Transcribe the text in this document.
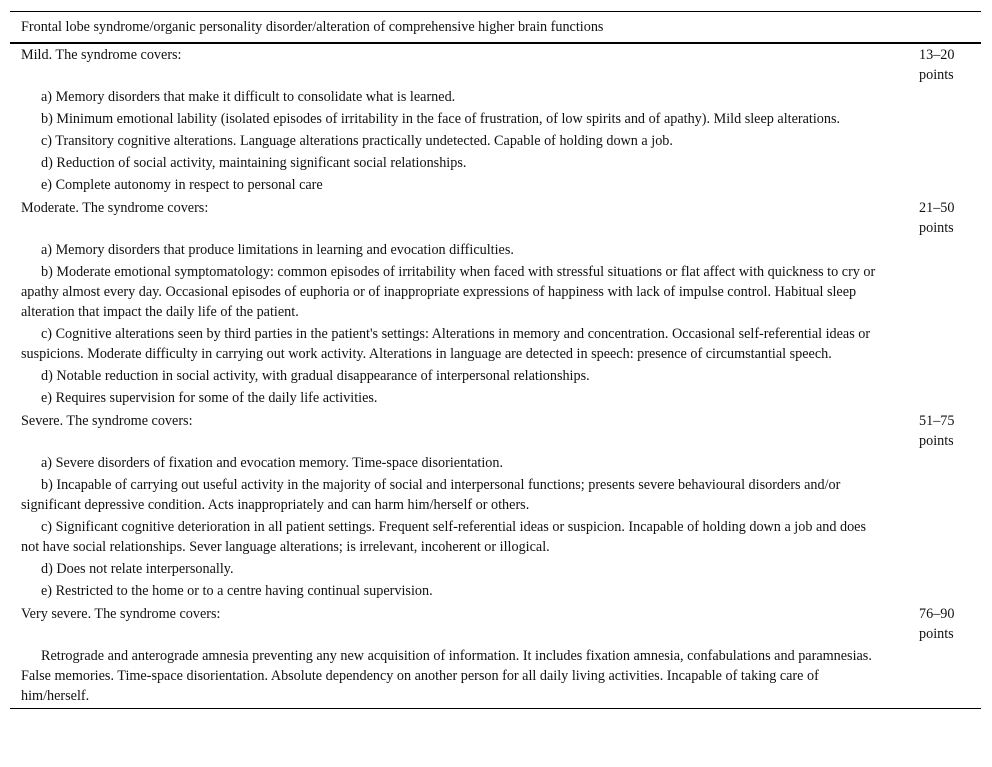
Frontal lobe syndrome/organic personality disorder/alteration of comprehensive higher brain functions
Mild. The syndrome covers:	13–20
points
a) Memory disorders that make it difficult to consolidate what is learned.
b) Minimum emotional lability (isolated episodes of irritability in the face of frustration, of low spirits and of apathy). Mild sleep alterations.
c) Transitory cognitive alterations. Language alterations practically undetected. Capable of holding down a job.
d) Reduction of social activity, maintaining significant social relationships.
e) Complete autonomy in respect to personal care
Moderate. The syndrome covers:	21–50
points
a) Memory disorders that produce limitations in learning and evocation difficulties.
b) Moderate emotional symptomatology: common episodes of irritability when faced with stressful situations or flat affect with quickness to cry or apathy almost every day. Occasional episodes of euphoria or of inappropriate expressions of happiness with lack of impulse control. Habitual sleep alteration that impact the daily life of the patient.
c) Cognitive alterations seen by third parties in the patient's settings: Alterations in memory and concentration. Occasional self-referential ideas or suspicions. Moderate difficulty in carrying out work activity. Alterations in language are detected in speech: presence of circumstantial speech.
d) Notable reduction in social activity, with gradual disappearance of interpersonal relationships.
e) Requires supervision for some of the daily life activities.
Severe. The syndrome covers:	51–75
points
a) Severe disorders of fixation and evocation memory. Time-space disorientation.
b) Incapable of carrying out useful activity in the majority of social and interpersonal functions; presents severe behavioural disorders and/or significant depressive condition. Acts inappropriately and can harm him/herself or others.
c) Significant cognitive deterioration in all patient settings. Frequent self-referential ideas or suspicion. Incapable of holding down a job and does not have social relationships. Sever language alterations; is irrelevant, incoherent or illogical.
d) Does not relate interpersonally.
e) Restricted to the home or to a centre having continual supervision.
Very severe. The syndrome covers:	76–90
points
Retrograde and anterograde amnesia preventing any new acquisition of information. It includes fixation amnesia, confabulations and paramnesias. False memories. Time-space disorientation. Absolute dependency on another person for all daily living activities. Incapable of taking care of him/herself.
